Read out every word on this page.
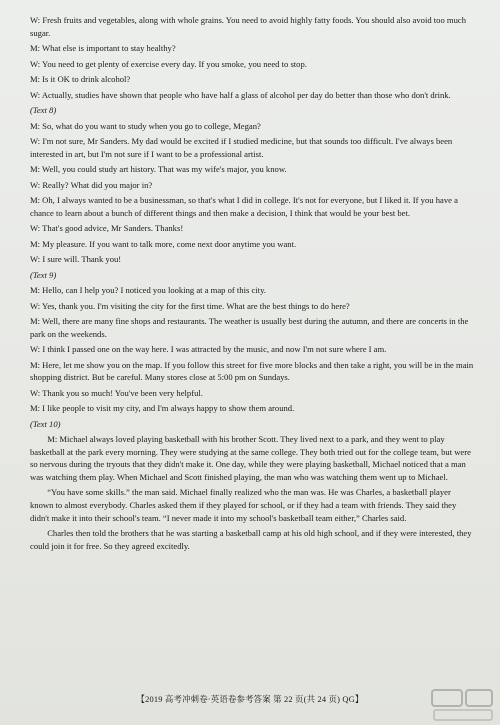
W: Fresh fruits and vegetables, along with whole grains. You need to avoid highly fatty foods. You should also avoid too much sugar.
M: What else is important to stay healthy?
W: You need to get plenty of exercise every day. If you smoke, you need to stop.
M: Is it OK to drink alcohol?
W: Actually, studies have shown that people who have half a glass of alcohol per day do better than those who don't drink.
(Text 8)
M: So, what do you want to study when you go to college, Megan?
W: I'm not sure, Mr Sanders. My dad would be excited if I studied medicine, but that sounds too difficult. I've always been interested in art, but I'm not sure if I want to be a professional artist.
M: Well, you could study art history. That was my wife's major, you know.
W: Really? What did you major in?
M: Oh, I always wanted to be a businessman, so that's what I did in college. It's not for everyone, but I liked it. If you have a chance to learn about a bunch of different things and then make a decision, I think that would be your best bet.
W: That's good advice, Mr Sanders. Thanks!
M: My pleasure. If you want to talk more, come next door anytime you want.
W: I sure will. Thank you!
(Text 9)
M: Hello, can I help you? I noticed you looking at a map of this city.
W: Yes, thank you. I'm visiting the city for the first time. What are the best things to do here?
M: Well, there are many fine shops and restaurants. The weather is usually best during the autumn, and there are concerts in the park on the weekends.
W: I think I passed one on the way here. I was attracted by the music, and now I'm not sure where I am.
M: Here, let me show you on the map. If you follow this street for five more blocks and then take a right, you will be in the main shopping district. But be careful. Many stores close at 5:00 pm on Sundays.
W: Thank you so much! You've been very helpful.
M: I like people to visit my city, and I'm always happy to show them around.
(Text 10)
M: Michael always loved playing basketball with his brother Scott. They lived next to a park, and they went to play basketball at the park every morning. They were studying at the same college. They both tried out for the college team, but were so nervous during the tryouts that they didn't make it. One day, while they were playing basketball, Michael noticed that a man was watching them play. When Michael and Scott finished playing, the man who was watching them went up to Michael.
“You have some skills.” the man said. Michael finally realized who the man was. He was Charles, a basketball player known to almost everybody. Charles asked them if they played for school, or if they had a team with friends. They said they didn't make it into their school's team. “I never made it into my school's basketball team either,” Charles said.
Charles then told the brothers that he was starting a basketball camp at his old high school, and if they were interested, they could join it for free. So they agreed excitedly.
【2019 高考冲刺卷·英语卷参考答案 第 22 页(共 24 页) QG】
